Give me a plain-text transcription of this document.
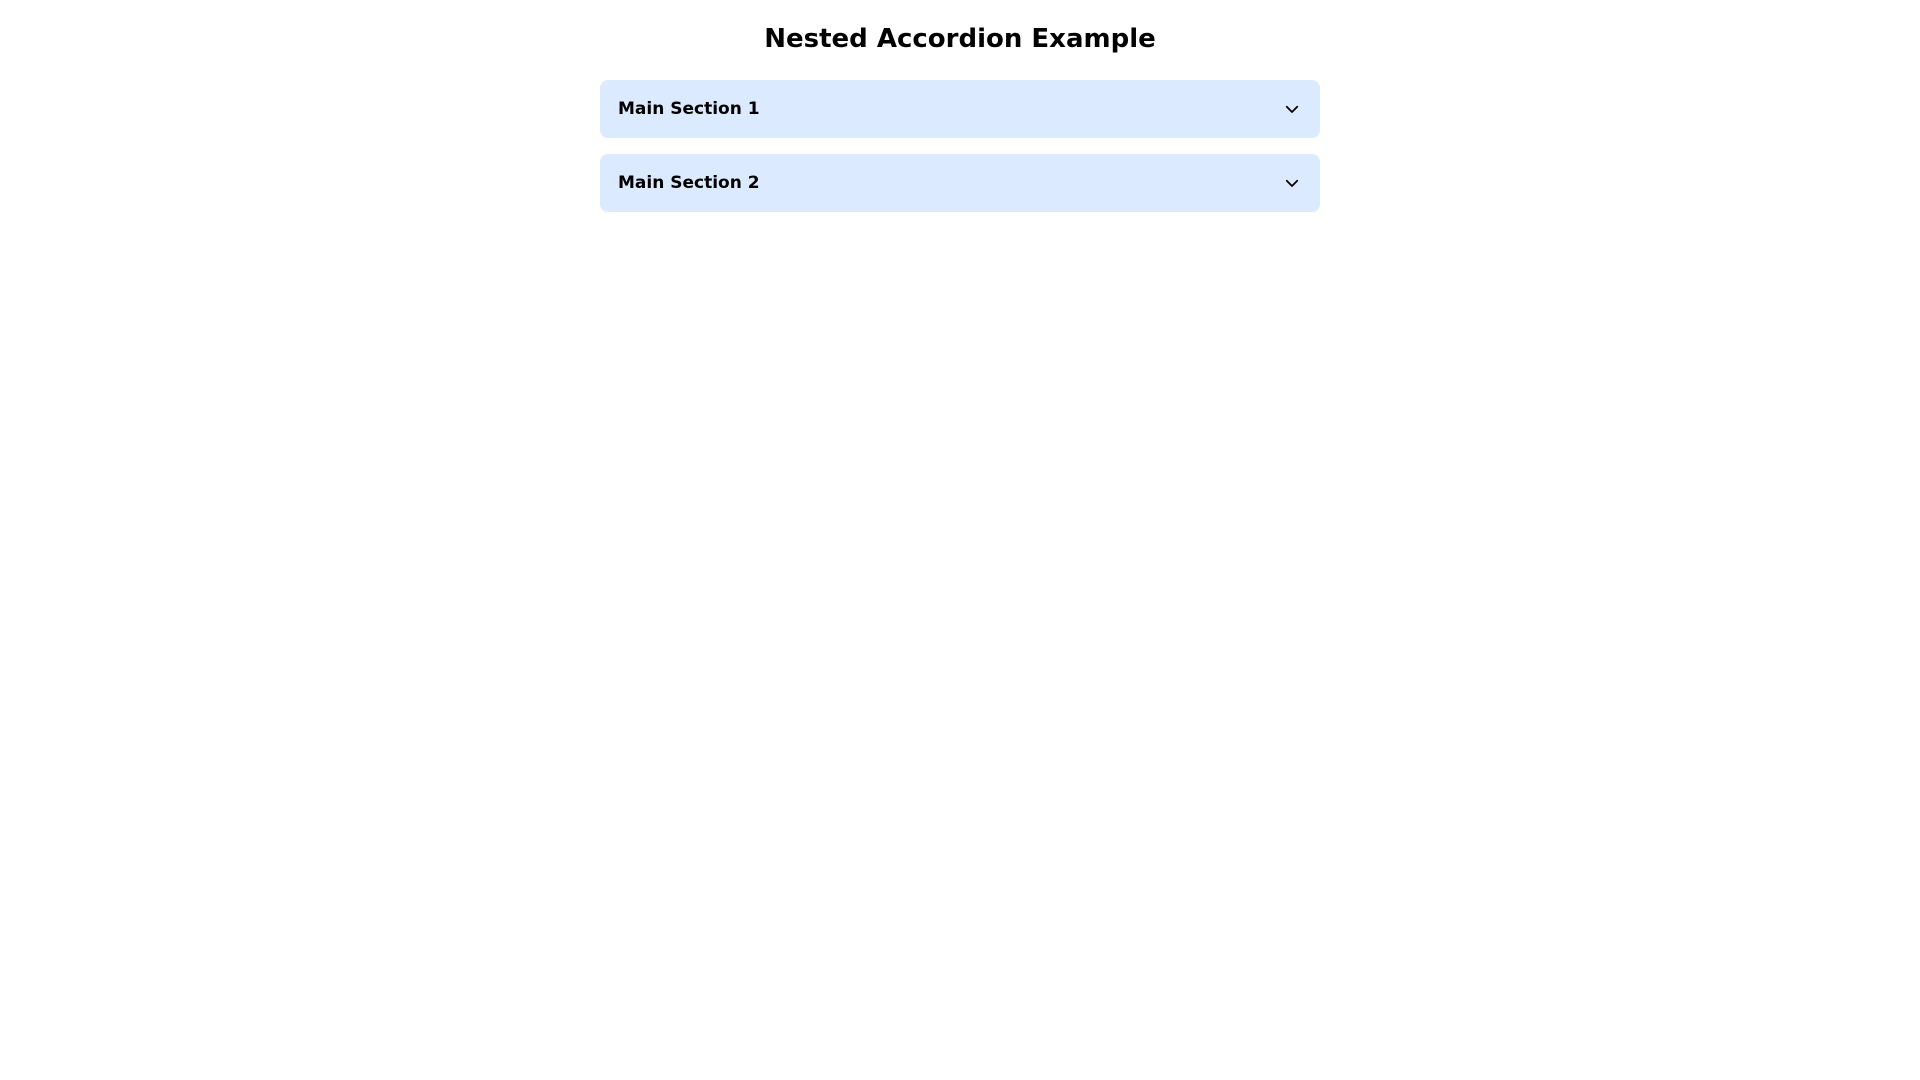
Nested Accordion Example
Main Section 1
Main Section 2
